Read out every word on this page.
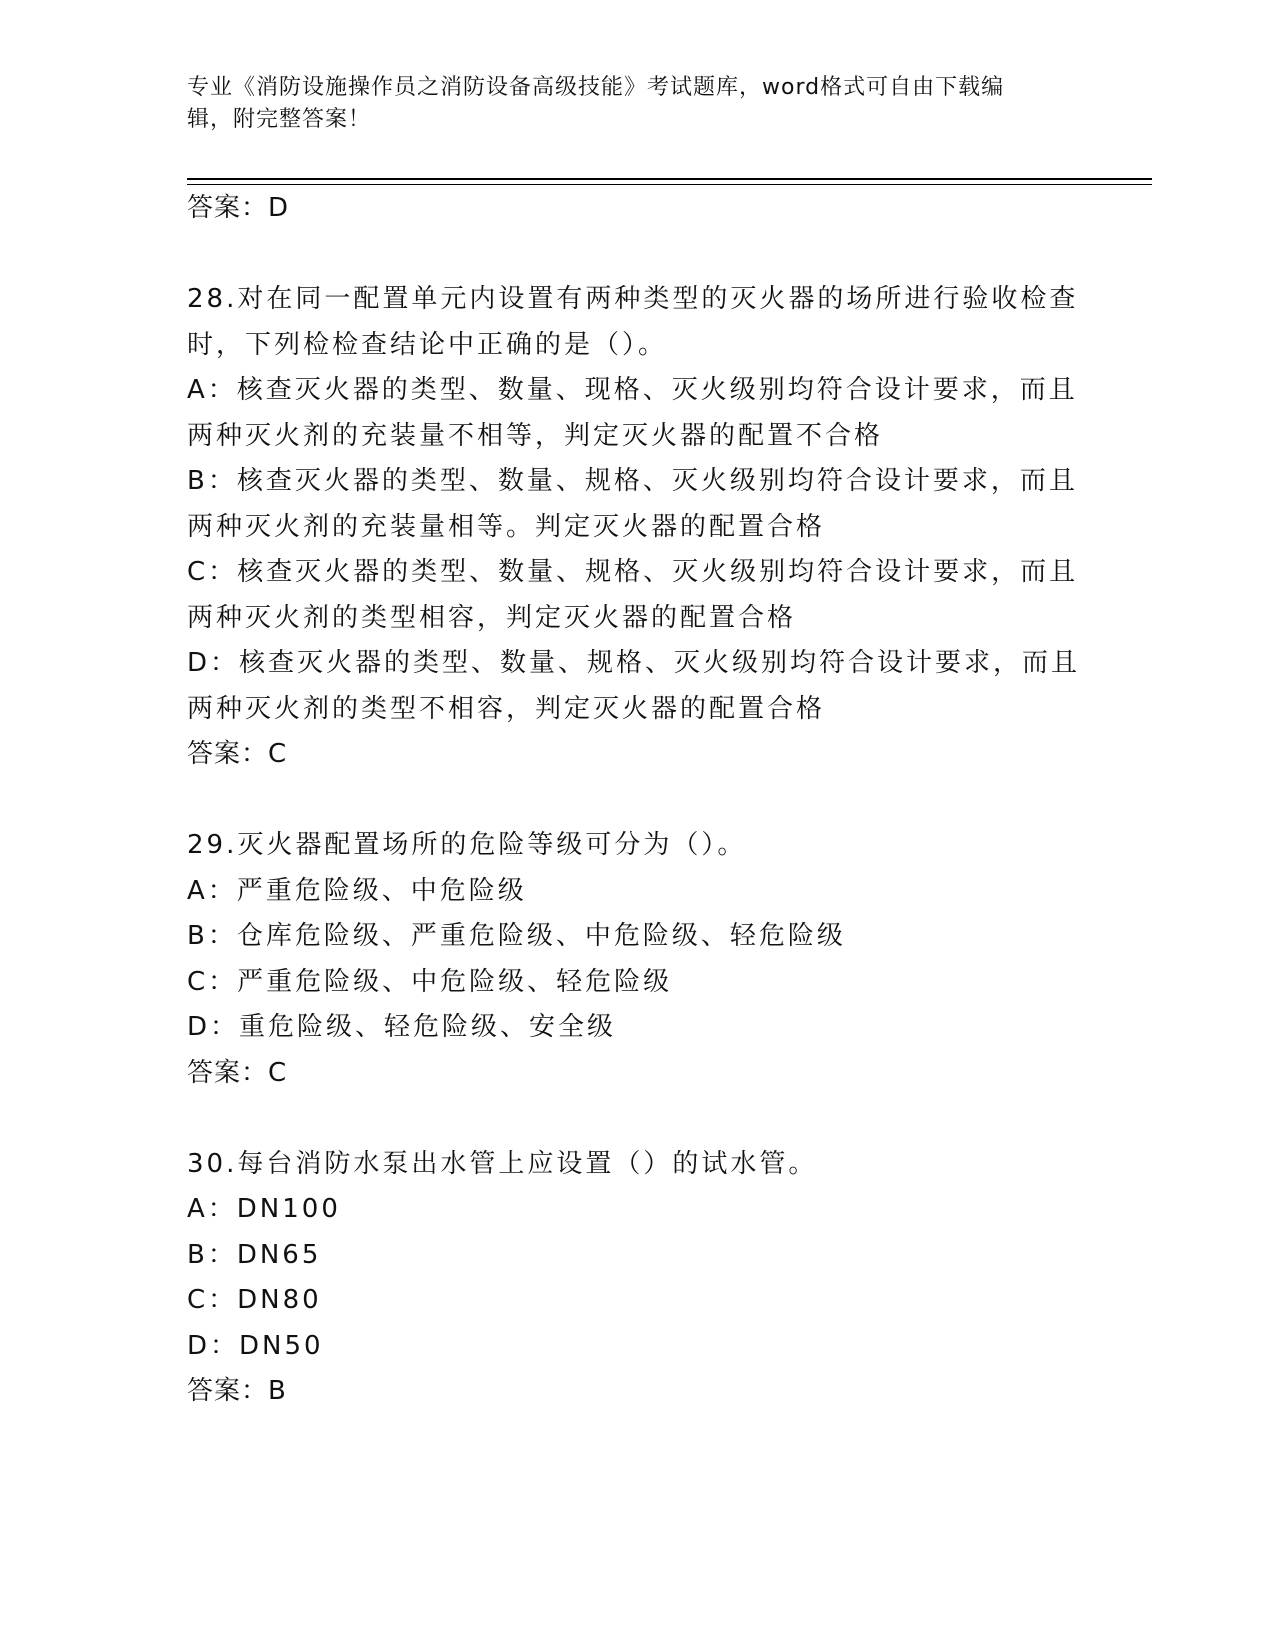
专业《消防设施操作员之消防设备高级技能》考试题库，word格式可自由下载编
辑，附完整答案！
答案：D
28.对在同一配置单元内设置有两种类型的灭火器的场所进行验收检查
时，下列检检查结论中正确的是（）。
A：核查灭火器的类型、数量、现格、灭火级别均符合设计要求，而且
两种灭火剂的充装量不相等，判定灭火器的配置不合格
B：核查灭火器的类型、数量、规格、灭火级别均符合设计要求，而且
两种灭火剂的充装量相等。判定灭火器的配置合格
C：核查灭火器的类型、数量、规格、灭火级别均符合设计要求，而且
两种灭火剂的类型相容，判定灭火器的配置合格
D：核查灭火器的类型、数量、规格、灭火级别均符合设计要求，而且
两种灭火剂的类型不相容，判定灭火器的配置合格
答案：C
29.灭火器配置场所的危险等级可分为（）。
A：严重危险级、中危险级
B：仓库危险级、严重危险级、中危险级、轻危险级
C：严重危险级、中危险级、轻危险级
D：重危险级、轻危险级、安全级
答案：C
30.每台消防水泵出水管上应设置（）的试水管。
A：DN100
B：DN65
C：DN80
D：DN50
答案：B
